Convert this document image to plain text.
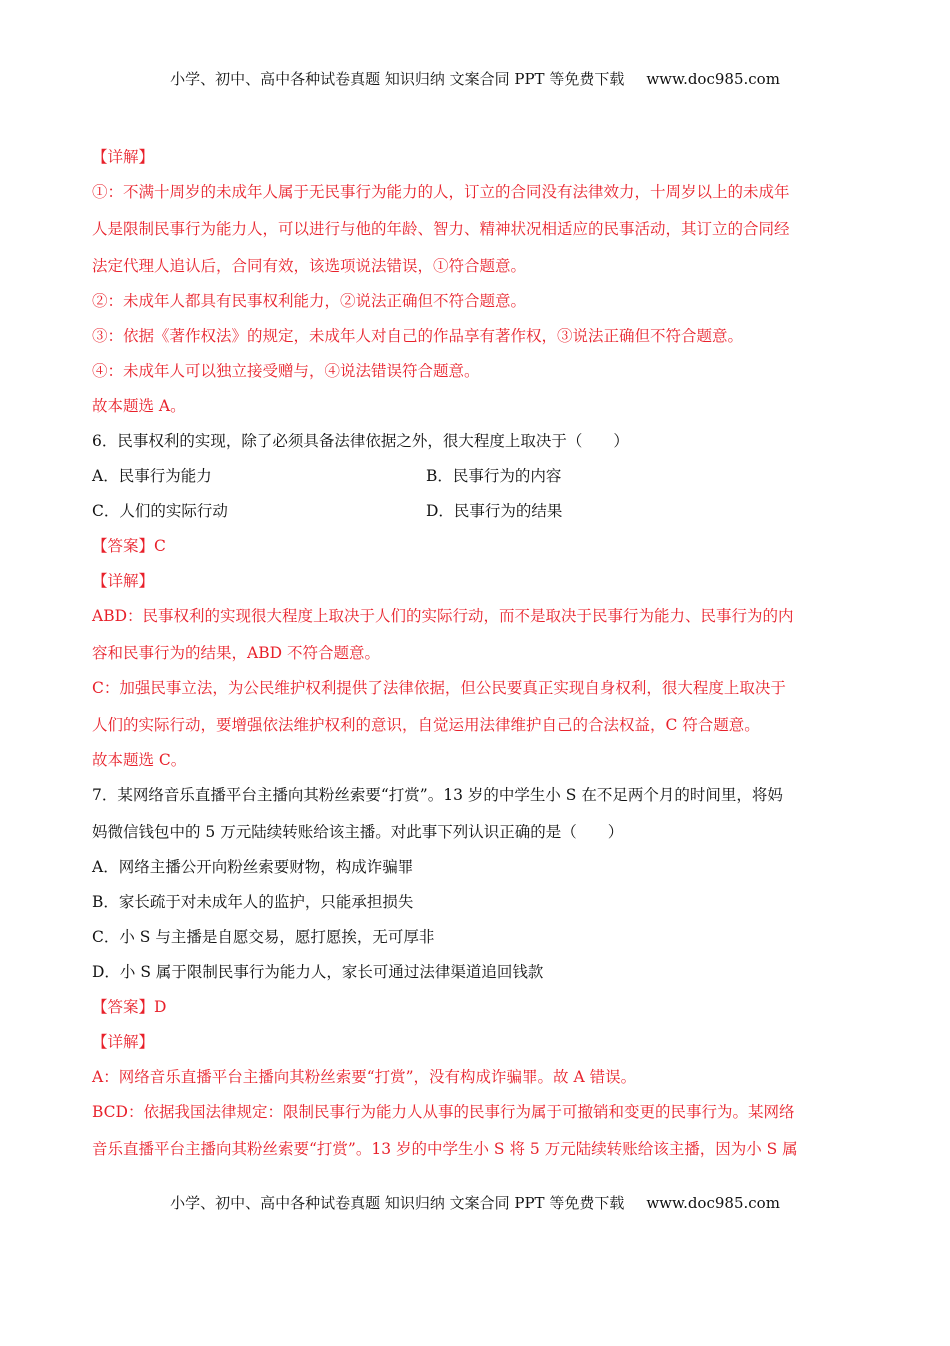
小学、初中、高中各种试卷真题 知识归纳 文案合同 PPT 等免费下载 www.doc985.com
【详解】
①：不满十周岁的未成年人属于无民事行为能力的人，订立的合同没有法律效力，十周岁以上的未成年
人是限制民事行为能力人，可以进行与他的年龄、智力、精神状况相适应的民事活动，其订立的合同经
法定代理人追认后，合同有效，该选项说法错误，①符合题意。
②：未成年人都具有民事权利能力，②说法正确但不符合题意。
③：依据《著作权法》的规定，未成年人对自己的作品享有著作权，③说法正确但不符合题意。
④：未成年人可以独立接受赠与，④说法错误符合题意。
故本题选 A。
6．民事权利的实现，除了必须具备法律依据之外，很大程度上取决于（　　）
A．民事行为能力	B．民事行为的内容
C．人们的实际行动	D．民事行为的结果
【答案】C
【详解】
ABD：民事权利的实现很大程度上取决于人们的实际行动，而不是取决于民事行为能力、民事行为的内
容和民事行为的结果，ABD 不符合题意。
C：加强民事立法，为公民维护权利提供了法律依据，但公民要真正实现自身权利，很大程度上取决于
人们的实际行动，要增强依法维护权利的意识，自觉运用法律维护自己的合法权益，C 符合题意。
故本题选 C。
7．某网络音乐直播平台主播向其粉丝索要“打赏”。13 岁的中学生小 S 在不足两个月的时间里，将妈
妈微信钱包中的 5 万元陆续转账给该主播。对此事下列认识正确的是（　　）
A．网络主播公开向粉丝索要财物，构成诈骗罪
B．家长疏于对未成年人的监护，只能承担损失
C．小 S 与主播是自愿交易，愿打愿挨，无可厚非
D．小 S 属于限制民事行为能力人，家长可通过法律渠道追回钱款
【答案】D
【详解】
A：网络音乐直播平台主播向其粉丝索要“打赏”，没有构成诈骗罪。故 A 错误。
BCD：依据我国法律规定：限制民事行为能力人从事的民事行为属于可撤销和变更的民事行为。某网络
音乐直播平台主播向其粉丝索要“打赏”。13 岁的中学生小 S 将 5 万元陆续转账给该主播，因为小 S 属
小学、初中、高中各种试卷真题 知识归纳 文案合同 PPT 等免费下载 www.doc985.com
